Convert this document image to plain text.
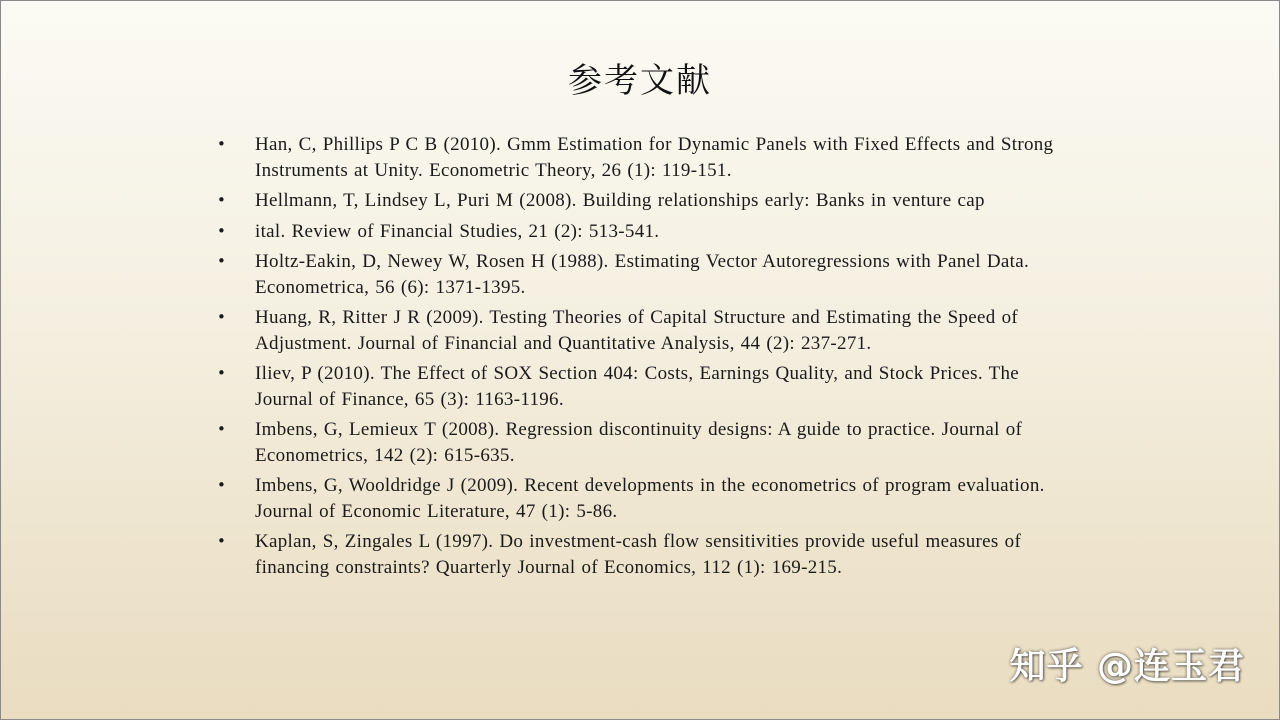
参考文献
• Han, C, Phillips P C B (2010). Gmm Estimation for Dynamic Panels with Fixed Effects and Strong Instruments at Unity. Econometric Theory, 26 (1): 119-151.
• Hellmann, T, Lindsey L, Puri M (2008). Building relationships early: Banks in venture cap
• ital. Review of Financial Studies, 21 (2): 513-541.
• Holtz-Eakin, D, Newey W, Rosen H (1988). Estimating Vector Autoregressions with Panel Data. Econometrica, 56 (6): 1371-1395.
• Huang, R, Ritter J R (2009). Testing Theories of Capital Structure and Estimating the Speed of Adjustment. Journal of Financial and Quantitative Analysis, 44 (2): 237-271.
• Iliev, P (2010). The Effect of SOX Section 404: Costs, Earnings Quality, and Stock Prices. The Journal of Finance, 65 (3): 1163-1196.
• Imbens, G, Lemieux T (2008). Regression discontinuity designs: A guide to practice. Journal of Econometrics, 142 (2): 615-635.
• Imbens, G, Wooldridge J (2009). Recent developments in the econometrics of program evaluation. Journal of Economic Literature, 47 (1): 5-86.
• Kaplan, S, Zingales L (1997). Do investment-cash flow sensitivities provide useful measures of financing constraints? Quarterly Journal of Economics, 112 (1): 169-215.
知乎 @连玉君
